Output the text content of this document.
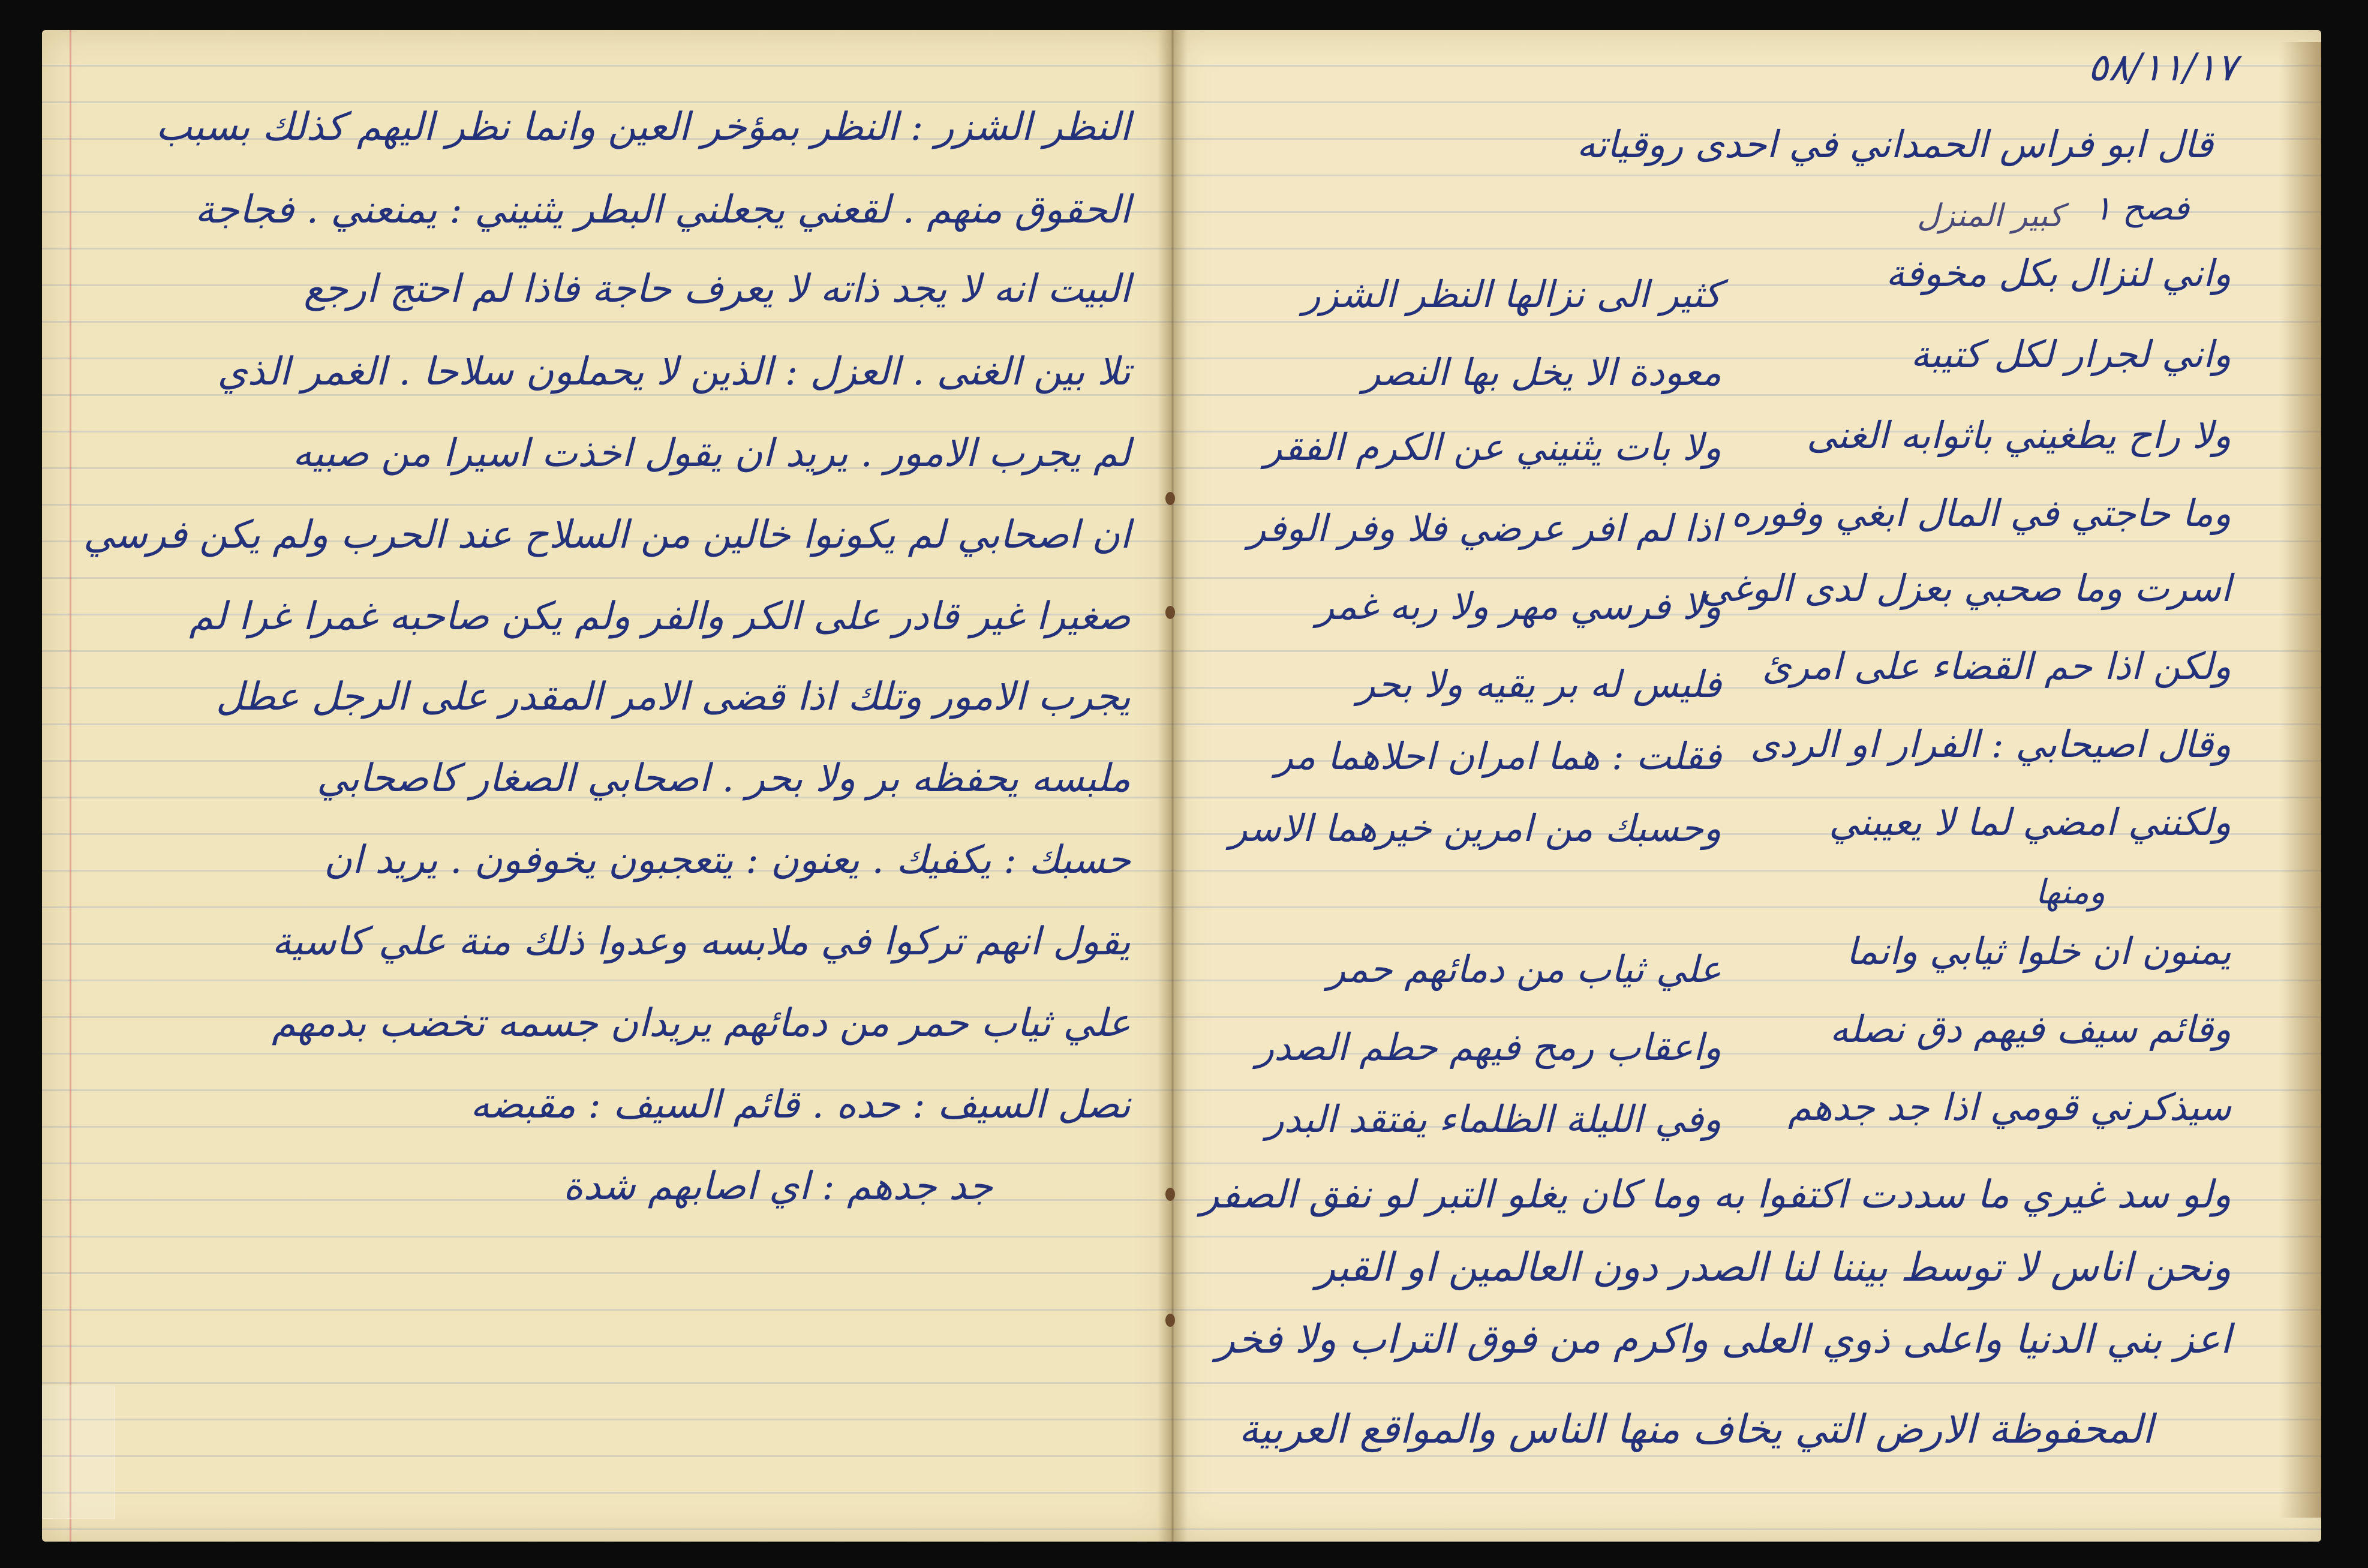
النظر الشزر : النظر بمؤخر العين وانما نظر اليهم كذلك بسبب
الحقوق منهم . لقعني يجعلني البطر يثنيني : يمنعني . فجاجة
البيت انه لا يجد ذاته لا يعرف حاجة فاذا لم احتج ارجع
تلا بين الغنى . العزل : الذين لا يحملون سلاحا . الغمر الذي
لم يجرب الامور . يريد ان يقول اخذت اسيرا من صبيه
ان اصحابي لم يكونوا خالين من السلاح عند الحرب ولم يكن فرسي
صغيرا غير قادر على الكر والفر ولم يكن صاحبه غمرا غرا لم
يجرب الامور وتلك اذا قضى الامر المقدر على الرجل عطل
ملبسه يحفظه بر ولا بحر . اصحابي الصغار كاصحابي
حسبك : يكفيك . يعنون : يتعجبون يخوفون . يريد ان
يقول انهم تركوا في ملابسه وعدوا ذلك منة علي كاسية
علي ثياب حمر من دمائهم يريدان جسمه تخضب بدمهم
نصل السيف : حده . قائم السيف : مقبضه
جد جدهم : اي اصابهم شدة
٥٨/١١/١٧
قال ابو فراس الحمداني في احدى روقياته
فصح ١
كبير المنزل
واني لنزال بكل مخوفة
واني لجرار لكل كتيبة
ولا راح يطغيني باثوابه الغنى
وما حاجتي في المال ابغي وفوره
اسرت وما صحبي بعزل لدى الوغى
ولكن اذا حم القضاء على امرئ
وقال اصيحابي : الفرار او الردى
ولكنني امضي لما لا يعيبني
كثير الى نزالها النظر الشزر
معودة الا يخل بها النصر
ولا بات يثنيني عن الكرم الفقر
اذا لم افر عرضي فلا وفر الوفر
ولا فرسي مهر ولا ربه غمر
فليس له بر يقيه ولا بحر
فقلت : هما امران احلاهما مر
وحسبك من امرين خيرهما الاسر
ومنها
يمنون ان خلوا ثيابي وانما
وقائم سيف فيهم دق نصله
سيذكرني قومي اذا جد جدهم
علي ثياب من دمائهم حمر
واعقاب رمح فيهم حطم الصدر
وفي الليلة الظلماء يفتقد البدر
ولو سد غيري ما سددت اكتفوا به وما كان يغلو التبر لو نفق الصفر
ونحن اناس لا توسط بيننا لنا الصدر دون العالمين او القبر
اعز بني الدنيا واعلى ذوي العلى واكرم من فوق التراب ولا فخر
المحفوظة الارض التي يخاف منها الناس والمواقع العربية
